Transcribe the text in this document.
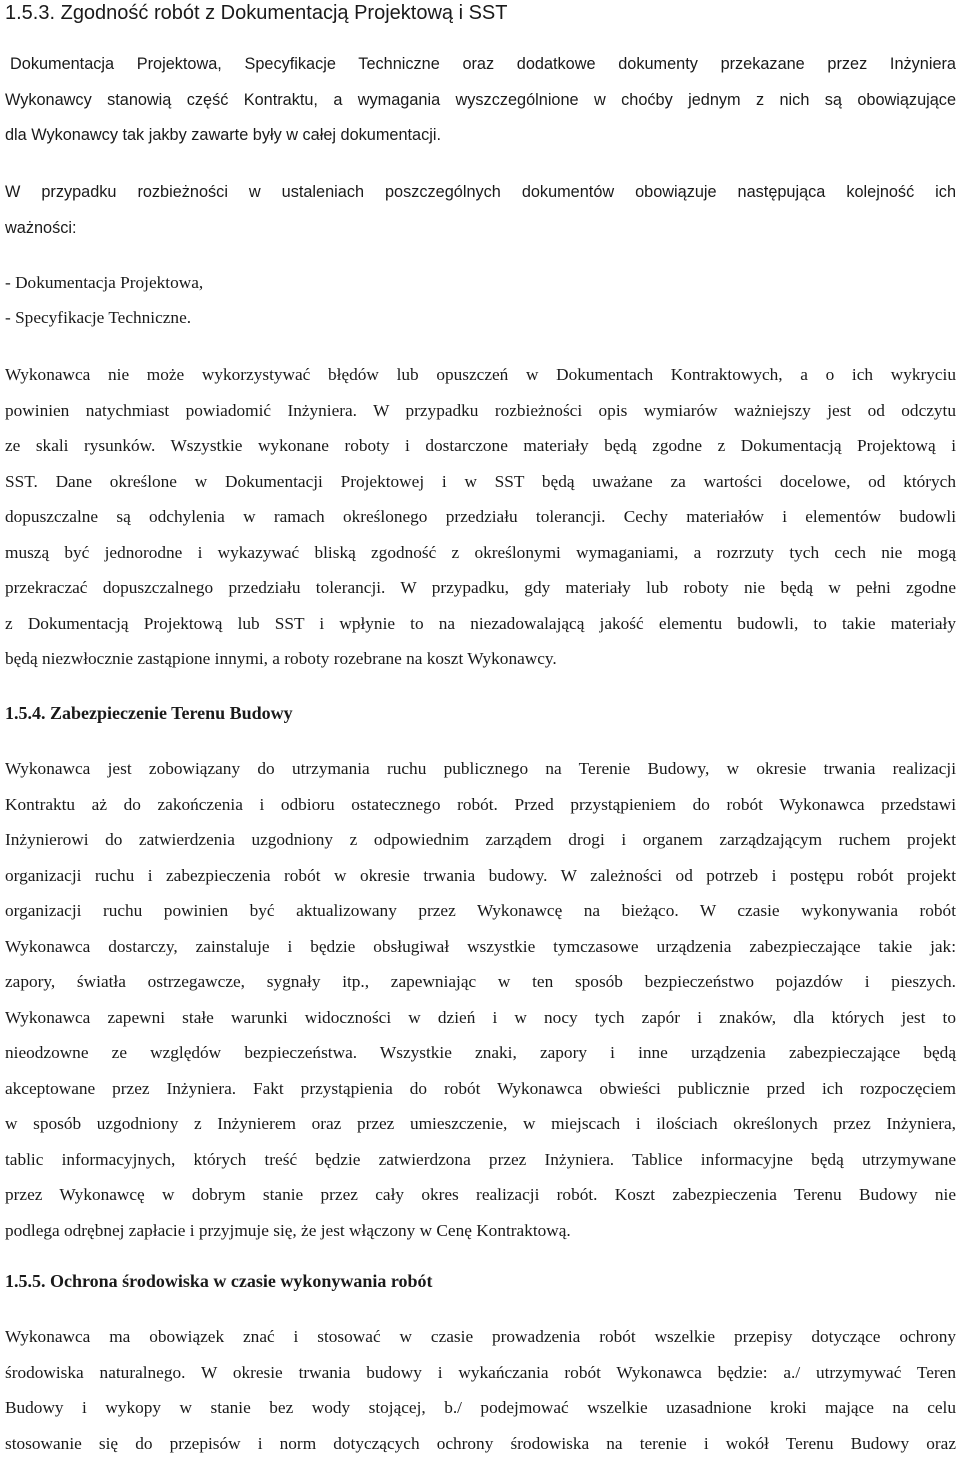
1.5.3. Zgodność robót z Dokumentacją Projektową i SST
Dokumentacja Projektowa, Specyfikacje Techniczne oraz dodatkowe dokumenty przekazane przez Inżyniera
Wykonawcy stanowią część Kontraktu, a wymagania wyszczególnione w choćby jednym z nich są obowiązujące
dla Wykonawcy tak jakby zawarte były w całej dokumentacji.
W przypadku rozbieżności w ustaleniach poszczególnych dokumentów obowiązuje następująca kolejność ich
ważności:
- Dokumentacja Projektowa,
- Specyfikacje Techniczne.
Wykonawca nie może wykorzystywać błędów lub opuszczeń w Dokumentach Kontraktowych, a o ich wykryciu
powinien natychmiast powiadomić Inżyniera. W przypadku rozbieżności opis wymiarów ważniejszy jest od odczytu
ze skali rysunków. Wszystkie wykonane roboty i dostarczone materiały będą zgodne z Dokumentacją Projektową i
SST. Dane określone w Dokumentacji Projektowej i w SST będą uważane za wartości docelowe, od których
dopuszczalne są odchylenia w ramach określonego przedziału tolerancji. Cechy materiałów i elementów budowli
muszą być jednorodne i wykazywać bliską zgodność z określonymi wymaganiami, a rozrzuty tych cech nie mogą
przekraczać dopuszczalnego przedziału tolerancji. W przypadku, gdy materiały lub roboty nie będą w pełni zgodne
z Dokumentacją Projektową lub SST i wpłynie to na niezadowalającą jakość elementu budowli, to takie materiały
będą niezwłocznie zastąpione innymi, a roboty rozebrane na koszt Wykonawcy.
1.5.4. Zabezpieczenie Terenu Budowy
Wykonawca jest zobowiązany do utrzymania ruchu publicznego na Terenie Budowy, w okresie trwania realizacji
Kontraktu aż do zakończenia i odbioru ostatecznego robót. Przed przystąpieniem do robót Wykonawca przedstawi
Inżynierowi do zatwierdzenia uzgodniony z odpowiednim zarządem drogi i organem zarządzającym ruchem projekt
organizacji ruchu i zabezpieczenia robót w okresie trwania budowy. W zależności od potrzeb i postępu robót projekt
organizacji ruchu powinien być aktualizowany przez Wykonawcę na bieżąco. W czasie wykonywania robót
Wykonawca dostarczy, zainstaluje i będzie obsługiwał wszystkie tymczasowe urządzenia zabezpieczające takie jak:
zapory, światła ostrzegawcze, sygnały itp., zapewniając w ten sposób bezpieczeństwo pojazdów i pieszych.
Wykonawca zapewni stałe warunki widoczności w dzień i w nocy tych zapór i znaków, dla których jest to
nieodzowne ze względów bezpieczeństwa. Wszystkie znaki, zapory i inne urządzenia zabezpieczające będą
akceptowane przez Inżyniera. Fakt przystąpienia do robót Wykonawca obwieści publicznie przed ich rozpoczęciem
w sposób uzgodniony z Inżynierem oraz przez umieszczenie, w miejscach i ilościach określonych przez Inżyniera,
tablic informacyjnych, których treść będzie zatwierdzona przez Inżyniera. Tablice informacyjne będą utrzymywane
przez Wykonawcę w dobrym stanie przez cały okres realizacji robót. Koszt zabezpieczenia Terenu Budowy nie
podlega odrębnej zapłacie i przyjmuje się, że jest włączony w Cenę Kontraktową.
1.5.5. Ochrona środowiska w czasie wykonywania robót
Wykonawca ma obowiązek znać i stosować w czasie prowadzenia robót wszelkie przepisy dotyczące ochrony
środowiska naturalnego. W okresie trwania budowy i wykańczania robót Wykonawca będzie: a./ utrzymywać Teren
Budowy i wykopy w stanie bez wody stojącej, b./ podejmować wszelkie uzasadnione kroki mające na celu
stosowanie się do przepisów i norm dotyczących ochrony środowiska na terenie i wokół Terenu Budowy oraz
